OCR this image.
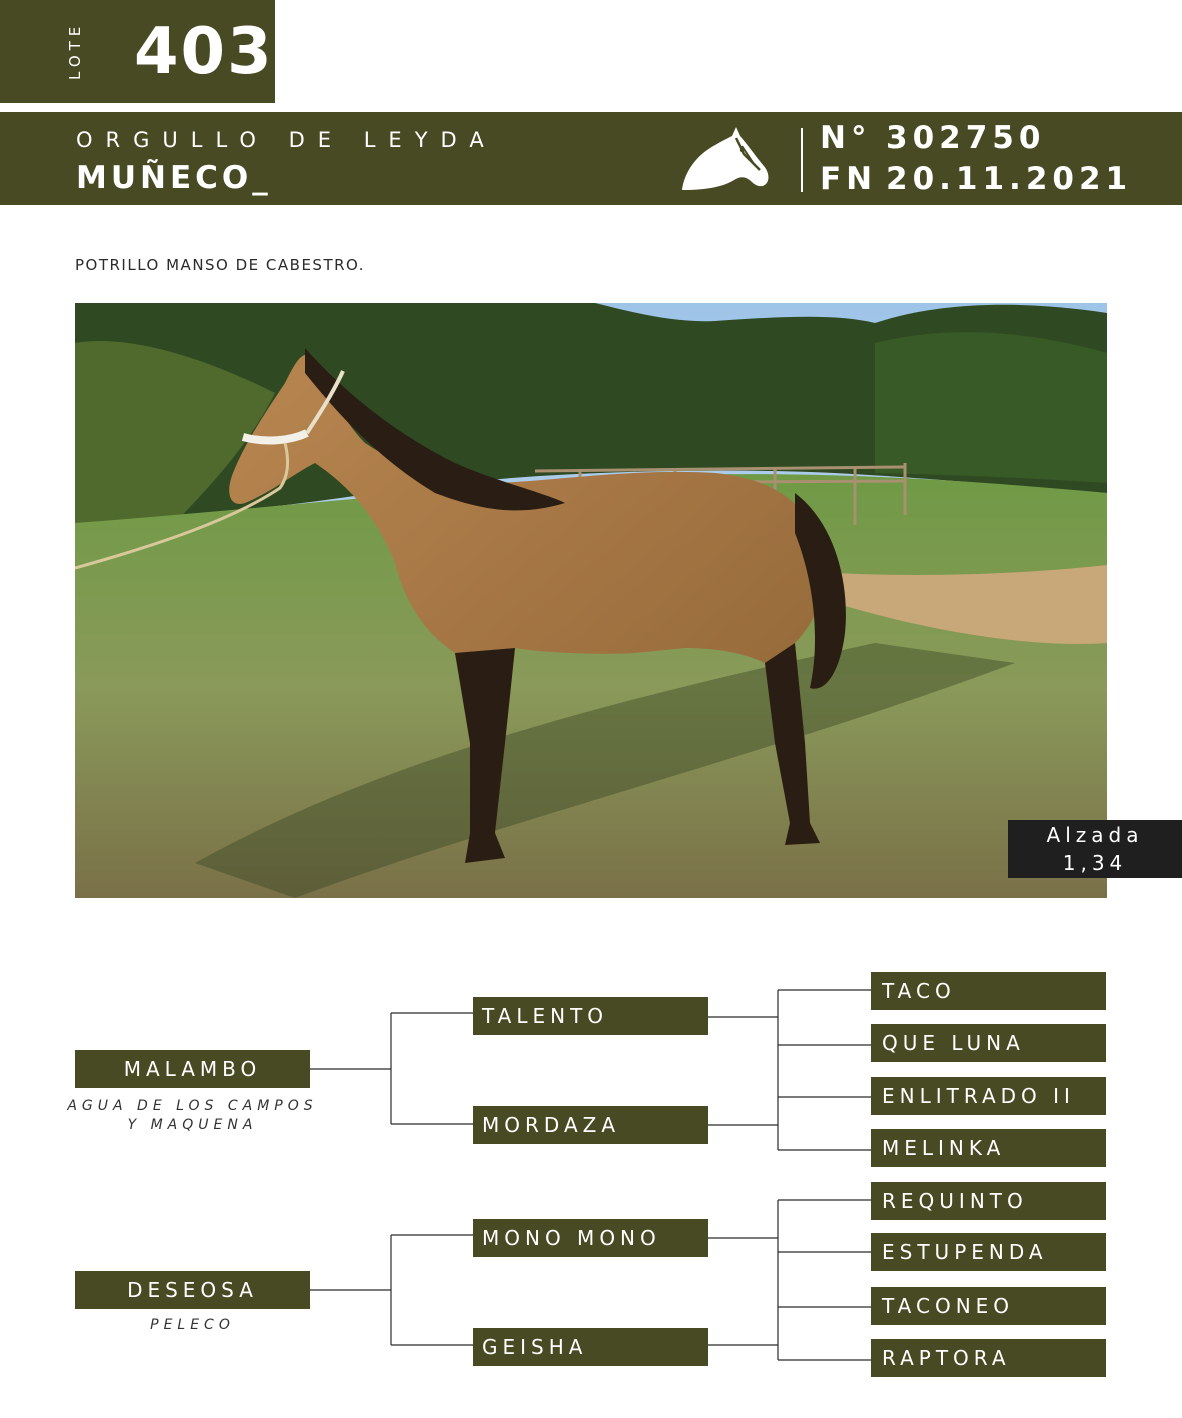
LOTE 403
ORGULLO DE LEYDA
MUÑECO_
N° 302750
FN 20.11.2021
POTRILLO MANSO DE CABESTRO.
Alzada
1,34
MALAMBO
AGUA DE LOS CAMPOS
Y MAQUENA
DESEOSA
PELECO
TALENTO
MORDAZA
MONO MONO
GEISHA
TACO
QUE LUNA
ENLITRADO II
MELINKA
REQUINTO
ESTUPENDA
TACONEO
RAPTORA
